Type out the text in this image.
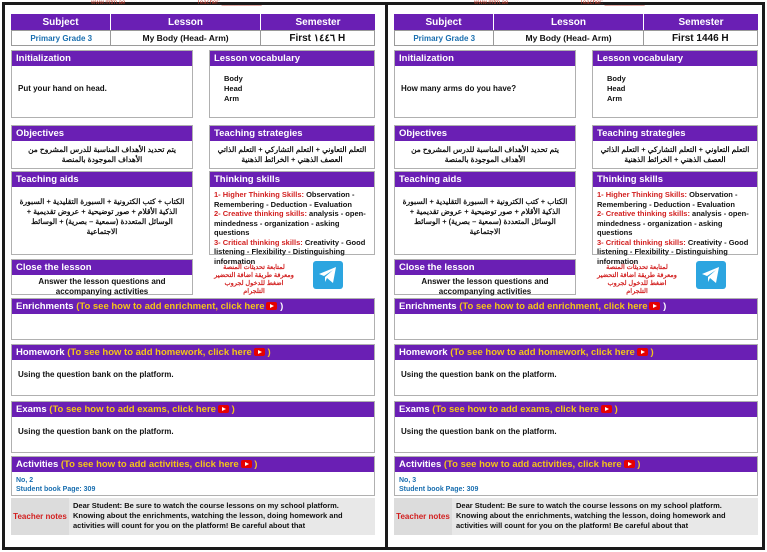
www.mtm.ae	Teacher: ____________
Subject	Lesson	Semester
Primary Grade 3	My Body (Head- Arm)	First ١٤٤٦ H
Initialization
Put your hand on head.
Lesson vocabulary
Body
Head
Arm
Objectives
يتم تحديد الأهداف المناسبة للدرس المشروح من الأهداف الموجودة بالمنصة
Teaching strategies
التعلم التعاوني + التعلم التشاركي + التعلم الذاتي العصف الذهني + الخرائط الذهنية
Teaching aids
الكتاب + كتب الكترونية + السبورة التقليدية + السبورة الذكية الأقلام + صور توضيحية + عروض تقديمية + الوسائل المتعددة (سمعية – بصرية) + الوسائط الاجتماعية
Thinking skills
1- Higher Thinking Skills: Observation - Remembering - Deduction - Evaluation
2- Creative thinking skills: analysis - open-mindedness - organization - asking questions
3- Critical thinking skills: Creativity - Good listening - Flexibility - Distinguishing information
Close the lesson
Answer the lesson questions and accompanying activities
لمتابعة تحديثات المنصة ومعرفة طريقة اضافة التحضير اضغط للدخول لجروب التلجرام
Enrichments (To see how to add enrichment, click here )
Homework (To see how to add homework, click here )
Using the question bank on the platform.
Exams (To see how to add exams, click here )
Using the question bank on the platform.
Activities (To see how to add activities, click here )
No, 2
Student book Page: 309
Teacher notes
Dear Student: Be sure to watch the course lessons on my school platform. Knowing about the enrichments, watching the lesson, doing homework and activities will count for you on the platform! Be careful about that
www.mtm.ae	Teacher: ____________
Subject	Lesson	Semester
Primary Grade 3	My Body (Head- Arm)	First 1446 H
Initialization
How many arms do you have?
Lesson vocabulary
Body
Head
Arm
Objectives
يتم تحديد الأهداف المناسبة للدرس المشروح من الأهداف الموجودة بالمنصة
Teaching strategies
التعلم التعاوني + التعلم التشاركي + التعلم الذاتي العصف الذهني + الخرائط الذهنية
Teaching aids
الكتاب + كتب الكترونية + السبورة التقليدية + السبورة الذكية الأقلام + صور توضيحية + عروض تقديمية + الوسائل المتعددة (سمعية – بصرية) + الوسائط الاجتماعية
Thinking skills
1- Higher Thinking Skills: Observation - Remembering - Deduction - Evaluation
2- Creative thinking skills: analysis - open-mindedness - organization - asking questions
3- Critical thinking skills: Creativity - Good listening - Flexibility - Distinguishing information
Close the lesson
Answer the lesson questions and accompanying activities
لمتابعة تحديثات المنصة ومعرفة طريقة اضافة التحضير اضغط للدخول لجروب التلجرام
Enrichments (To see how to add enrichment, click here )
Homework (To see how to add homework, click here )
Using the question bank on the platform.
Exams (To see how to add exams, click here )
Using the question bank on the platform.
Activities (To see how to add activities, click here )
No, 3
Student book Page: 309
Teacher notes
Dear Student: Be sure to watch the course lessons on my school platform. Knowing about the enrichments, watching the lesson, doing homework and activities will count for you on the platform! Be careful about that
